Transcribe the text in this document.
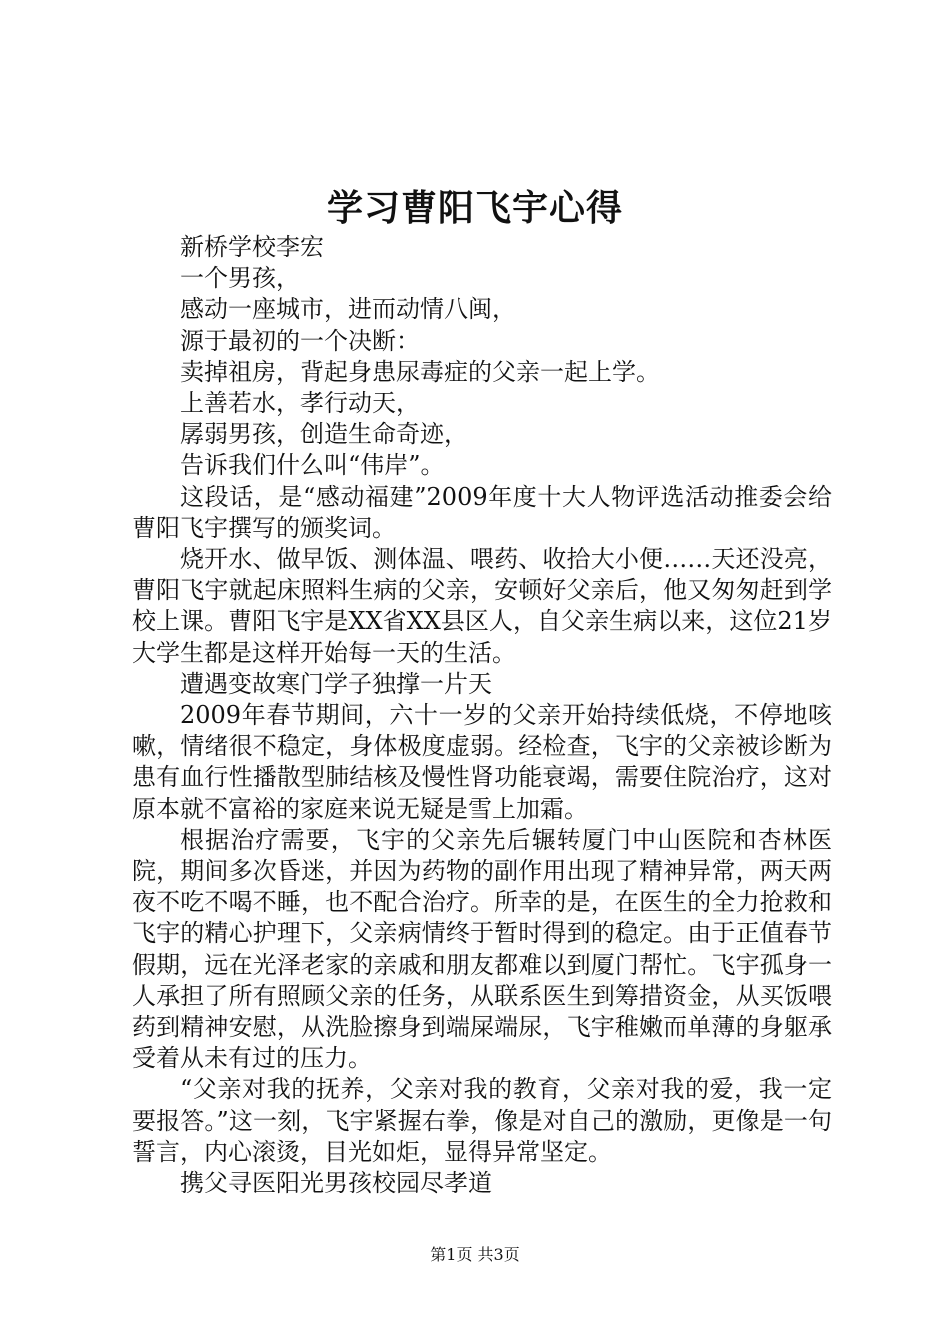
学习曹阳飞宇心得

新桥学校李宏

一个男孩，

感动一座城市，进而动情八闽，

源于最初的一个决断：

卖掉祖房，背起身患尿毒症的父亲一起上学。

上善若水，孝行动天，

孱弱男孩，创造生命奇迹，

告诉我们什么叫“伟岸”。

这段话，是“感动福建”2009年度十大人物评选活动推委会给曹阳飞宇撰写的颁奖词。

烧开水、做早饭、测体温、喂药、收拾大小便……天还没亮，曹阳飞宇就起床照料生病的父亲，安顿好父亲后，他又匆匆赶到学校上课。曹阳飞宇是XX省XX县区人，自父亲生病以来，这位21岁大学生都是这样开始每一天的生活。

遭遇变故寒门学子独撑一片天

2009年春节期间，六十一岁的父亲开始持续低烧，不停地咳嗽，情绪很不稳定，身体极度虚弱。经检查，飞宇的父亲被诊断为患有血行性播散型肺结核及慢性肾功能衰竭，需要住院治疗，这对原本就不富裕的家庭来说无疑是雪上加霜。

根据治疗需要，飞宇的父亲先后辗转厦门中山医院和杏林医院，期间多次昏迷，并因为药物的副作用出现了精神异常，两天两夜不吃不喝不睡，也不配合治疗。所幸的是，在医生的全力抢救和飞宇的精心护理下，父亲病情终于暂时得到的稳定。由于正值春节假期，远在光泽老家的亲戚和朋友都难以到厦门帮忙。飞宇孤身一人承担了所有照顾父亲的任务，从联系医生到筹措资金，从买饭喂药到精神安慰，从洗脸擦身到端屎端尿，飞宇稚嫩而单薄的身躯承受着从未有过的压力。

“父亲对我的抚养，父亲对我的教育，父亲对我的爱，我一定要报答。”这一刻，飞宇紧握右拳，像是对自己的激励，更像是一句誓言，内心滚烫，目光如炬，显得异常坚定。

携父寻医阳光男孩校园尽孝道

第1页 共3页
